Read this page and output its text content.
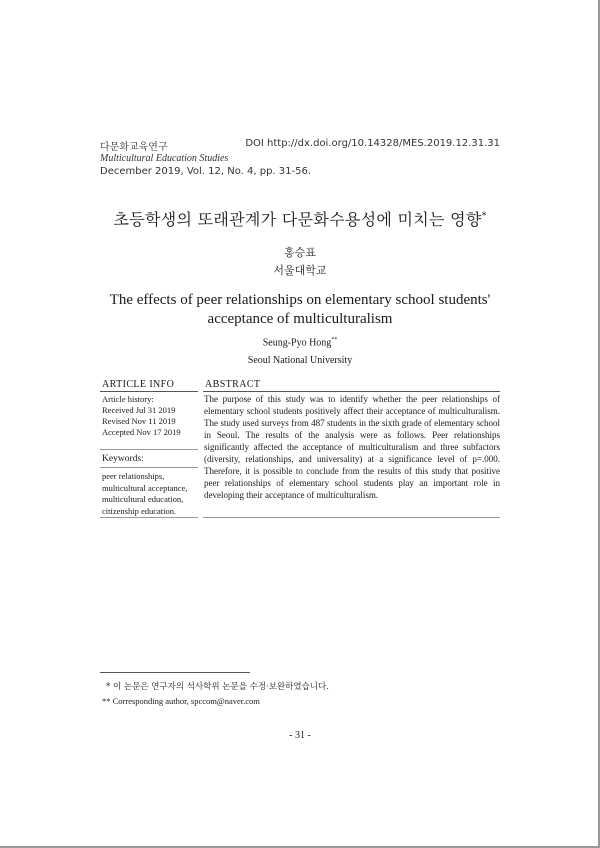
다문화교육연구	DOI http://dx.doi.org/10.14328/MES.2019.12.31.31
Multicultural Education Studies
December 2019, Vol. 12, No. 4, pp. 31-56.
초등학생의 또래관계가 다문화수용성에 미치는 영향*
홍승표
서울대학교
The effects of peer relationships on elementary school students' acceptance of multiculturalism
Seung-Pyo Hong**
Seoul National University
ARTICLE INFO
Article history:
Received Jul 31 2019
Revised Nov 11 2019
Accepted Nov 17 2019
Keywords:
peer relationships,
multicultural acceptance,
multicultural education,
citizenship education.
ABSTRACT
The purpose of this study was to identify whether the peer relationships of elementary school students positively affect their acceptance of multiculturalism. The study used surveys from 487 students in the sixth grade of elementary school in Seoul. The results of the analysis were as follows. Peer relationships significantly affected the acceptance of multiculturalism and three subfactors (diversity, relationships, and universality) at a significance level of p=.000. Therefore, it is possible to conclude from the results of this study that positive peer relationships of elementary school students play an important role in developing their acceptance of multiculturalism.
* 이 논문은 연구자의 석사학위 논문을 수정·보완하였습니다.
** Corresponding author, spccom@naver.com
- 31 -
